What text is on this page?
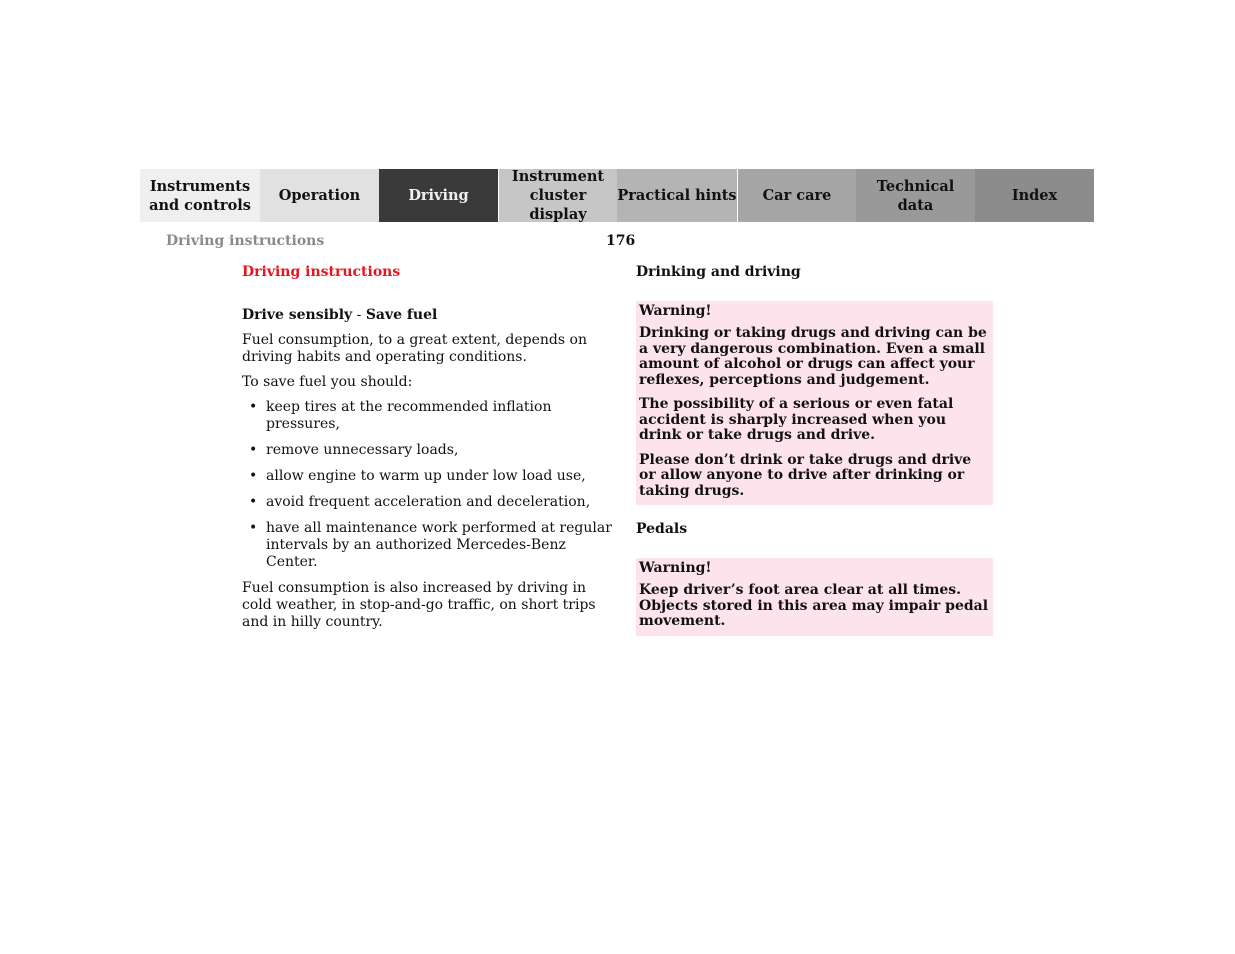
Instruments
and controls
Operation	Driving
Instrument
cluster display
Practical hints Car care
Technical
data
Index
Driving instructions	176
Driving instructions
Drive sensibly - Save fuel

Fuel consumption, to a great extent, depends on driving habits and operating conditions.

To save fuel you should:

• keep tires at the recommended inflation pressures,
• remove unnecessary loads,
• allow engine to warm up under low load use,
• avoid frequent acceleration and deceleration,
• have all maintenance work performed at regular intervals by an authorized Mercedes-Benz Center.

Fuel consumption is also increased by driving in cold weather, in stop-and-go traffic, on short trips and in hilly country.

Drinking and driving

Warning!

Drinking or taking drugs and driving can be a very dangerous combination. Even a small amount of alcohol or drugs can affect your reflexes, perceptions and judgement.

The possibility of a serious or even fatal accident is sharply increased when you drink or take drugs and drive.

Please don’t drink or take drugs and drive or allow anyone to drive after drinking or taking drugs.

Pedals

Warning!

Keep driver’s foot area clear at all times. Objects stored in this area may impair pedal movement.
